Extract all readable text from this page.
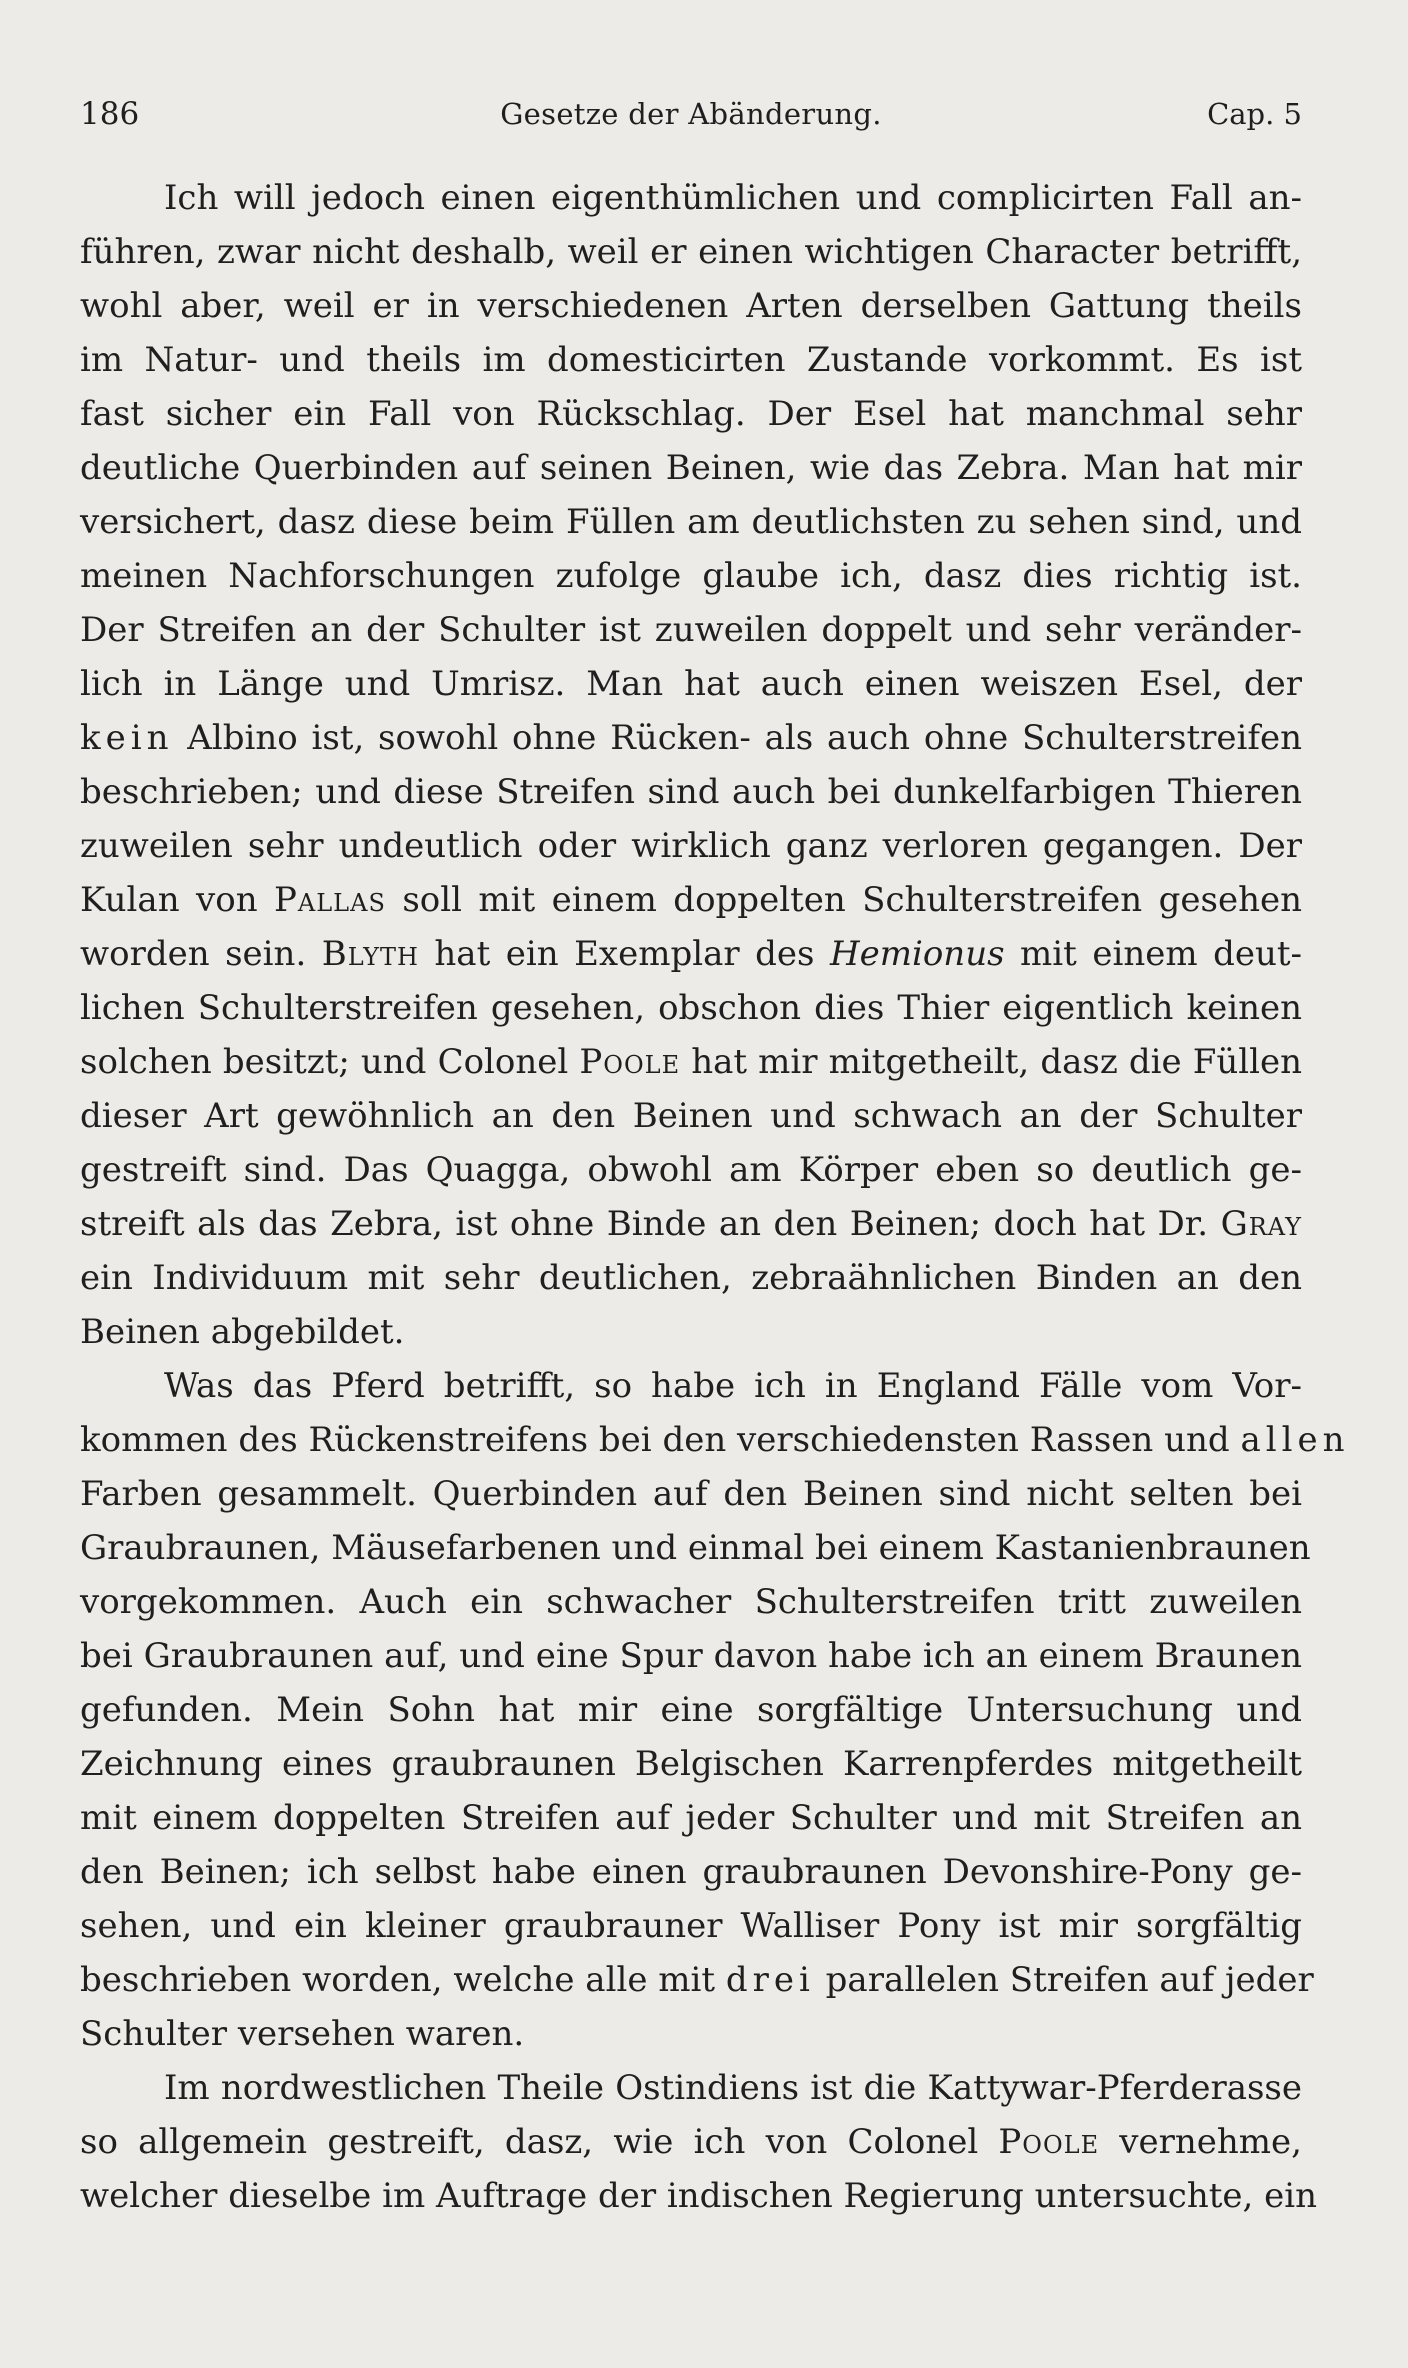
186	Gesetze der Abänderung.	Cap. 5
Ich will jedoch einen eigenthümlichen und complicirten Fall an-
führen, zwar nicht deshalb, weil er einen wichtigen Character betrifft,
wohl aber, weil er in verschiedenen Arten derselben Gattung theils
im Natur- und theils im domesticirten Zustande vorkommt. Es ist
fast sicher ein Fall von Rückschlag. Der Esel hat manchmal sehr
deutliche Querbinden auf seinen Beinen, wie das Zebra. Man hat mir
versichert, dasz diese beim Füllen am deutlichsten zu sehen sind, und
meinen Nachforschungen zufolge glaube ich, dasz dies richtig ist.
Der Streifen an der Schulter ist zuweilen doppelt und sehr veränder-
lich in Länge und Umrisz. Man hat auch einen weiszen Esel, der
kein Albino ist, sowohl ohne Rücken- als auch ohne Schulterstreifen
beschrieben; und diese Streifen sind auch bei dunkelfarbigen Thieren
zuweilen sehr undeutlich oder wirklich ganz verloren gegangen. Der
Kulan von Pallas soll mit einem doppelten Schulterstreifen gesehen
worden sein. Blyth hat ein Exemplar des Hemionus mit einem deut-
lichen Schulterstreifen gesehen, obschon dies Thier eigentlich keinen
solchen besitzt; und Colonel Poole hat mir mitgetheilt, dasz die Füllen
dieser Art gewöhnlich an den Beinen und schwach an der Schulter
gestreift sind. Das Quagga, obwohl am Körper eben so deutlich ge-
streift als das Zebra, ist ohne Binde an den Beinen; doch hat Dr. Gray
ein Individuum mit sehr deutlichen, zebraähnlichen Binden an den
Beinen abgebildet.
Was das Pferd betrifft, so habe ich in England Fälle vom Vor-
kommen des Rückenstreifens bei den verschiedensten Rassen und allen
Farben gesammelt. Querbinden auf den Beinen sind nicht selten bei
Graubraunen, Mäusefarbenen und einmal bei einem Kastanienbraunen
vorgekommen. Auch ein schwacher Schulterstreifen tritt zuweilen
bei Graubraunen auf, und eine Spur davon habe ich an einem Braunen
gefunden. Mein Sohn hat mir eine sorgfältige Untersuchung und
Zeichnung eines graubraunen Belgischen Karrenpferdes mitgetheilt
mit einem doppelten Streifen auf jeder Schulter und mit Streifen an
den Beinen; ich selbst habe einen graubraunen Devonshire-Pony ge-
sehen, und ein kleiner graubrauner Walliser Pony ist mir sorgfältig
beschrieben worden, welche alle mit drei parallelen Streifen auf jeder
Schulter versehen waren.
Im nordwestlichen Theile Ostindiens ist die Kattywar-Pferderasse
so allgemein gestreift, dasz, wie ich von Colonel Poole vernehme,
welcher dieselbe im Auftrage der indischen Regierung untersuchte, ein
